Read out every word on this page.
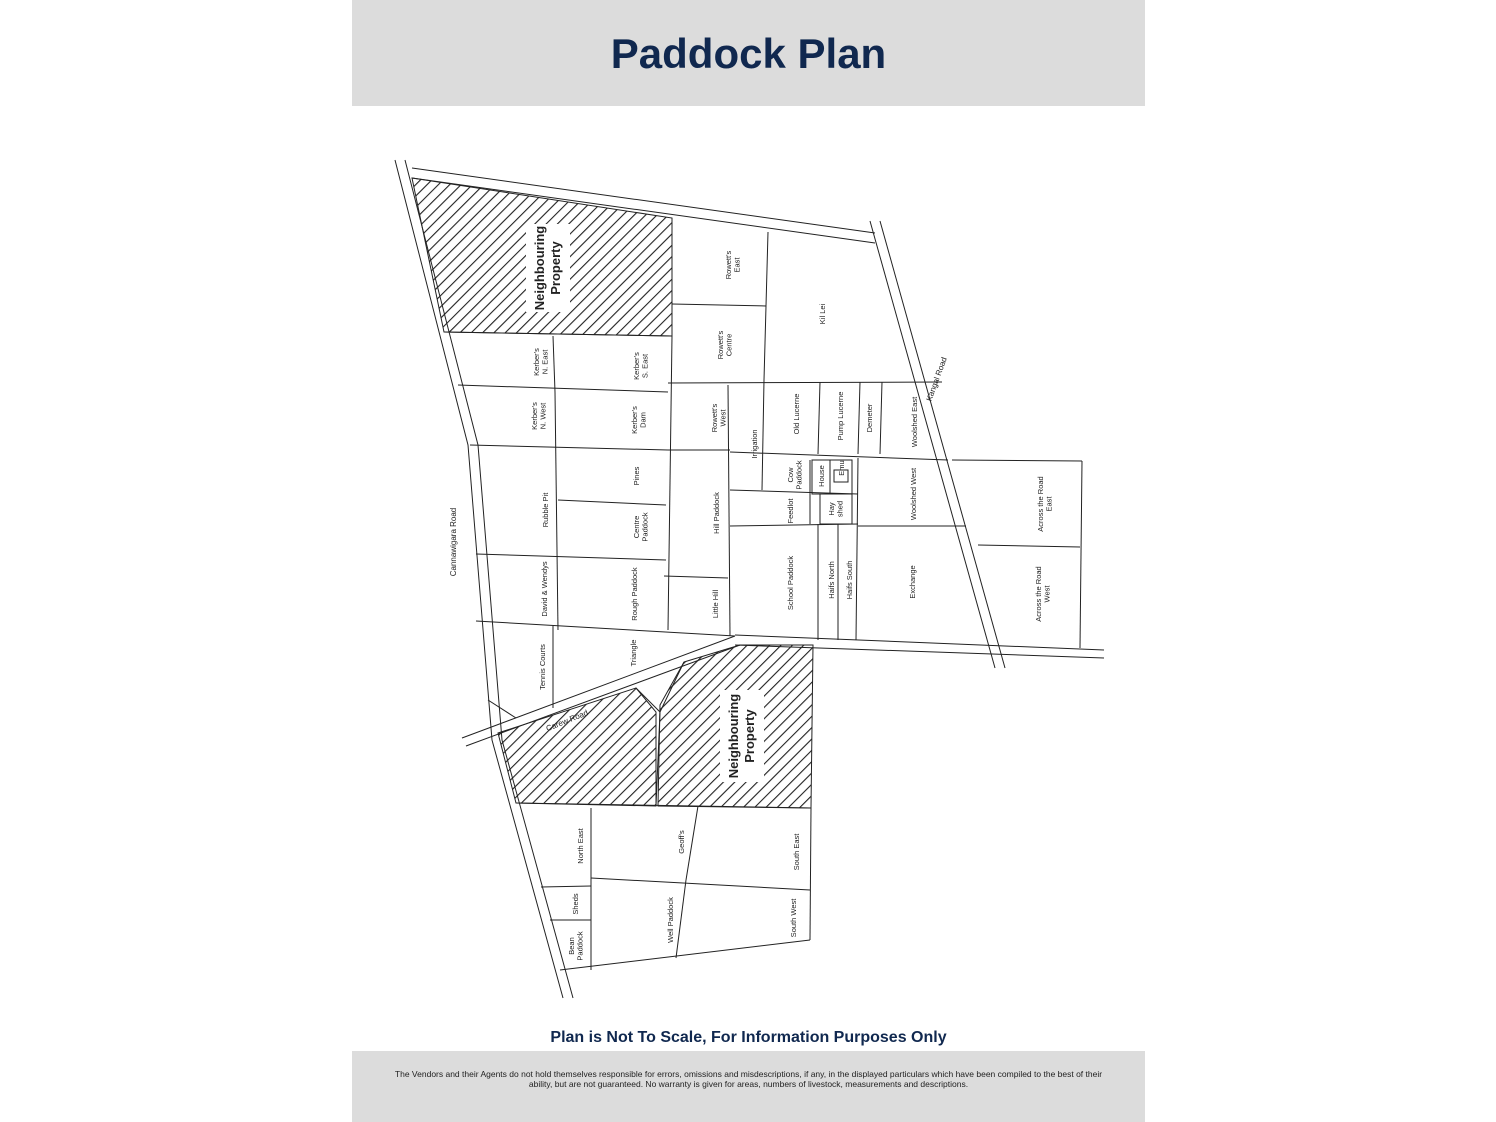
Paddock Plan
Neighbouring Property
Neighbouring Property
Cannawigara Road
Kangal Road
Carew Road
Rowett'sEast
Kil Lei
Rowett'sCentre
Kerber'sN. East	Kerber'sS. East
Kerber'sN. West	Kerber'sDam	Rowett'sWest
Irrigation
Old Lucerne	Pump Lucerne	Demeter	Woolshed East
Pines	CowPaddock House Emu	Woolshed West	Across the RoadEast
Rubble Pit	CentrePaddock	Hill Paddock	Feedlot	Hayshed
David & Wendys	Rough Paddock	Little Hill	School Paddock	Haifs North Haifs South	Exchange	Across the RoadWest
Tennis Courts	Triangle
North East	Geoff's	South East
Sheds	Well Paddock	South West
BeanPaddock
Plan is Not To Scale, For Information Purposes Only
The Vendors and their Agents do not hold themselves responsible for errors, omissions and misdescriptions, if any, in the displayed particulars which have been compiled to the best of their ability, but are not guaranteed. No warranty is given for areas, numbers of livestock, measurements and descriptions.
